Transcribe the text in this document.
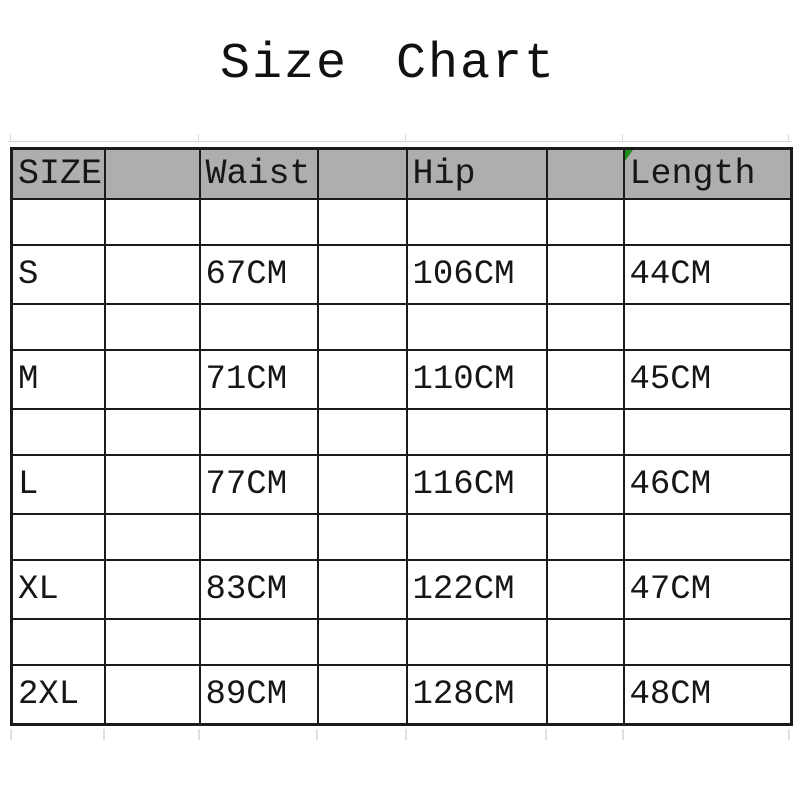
Size Chart
SIZE		Waist		Hip		Length

S		67CM		106CM		44CM

M		71CM		110CM		45CM

L		77CM		116CM		46CM

XL		83CM		122CM		47CM

2XL		89CM		128CM		48CM
